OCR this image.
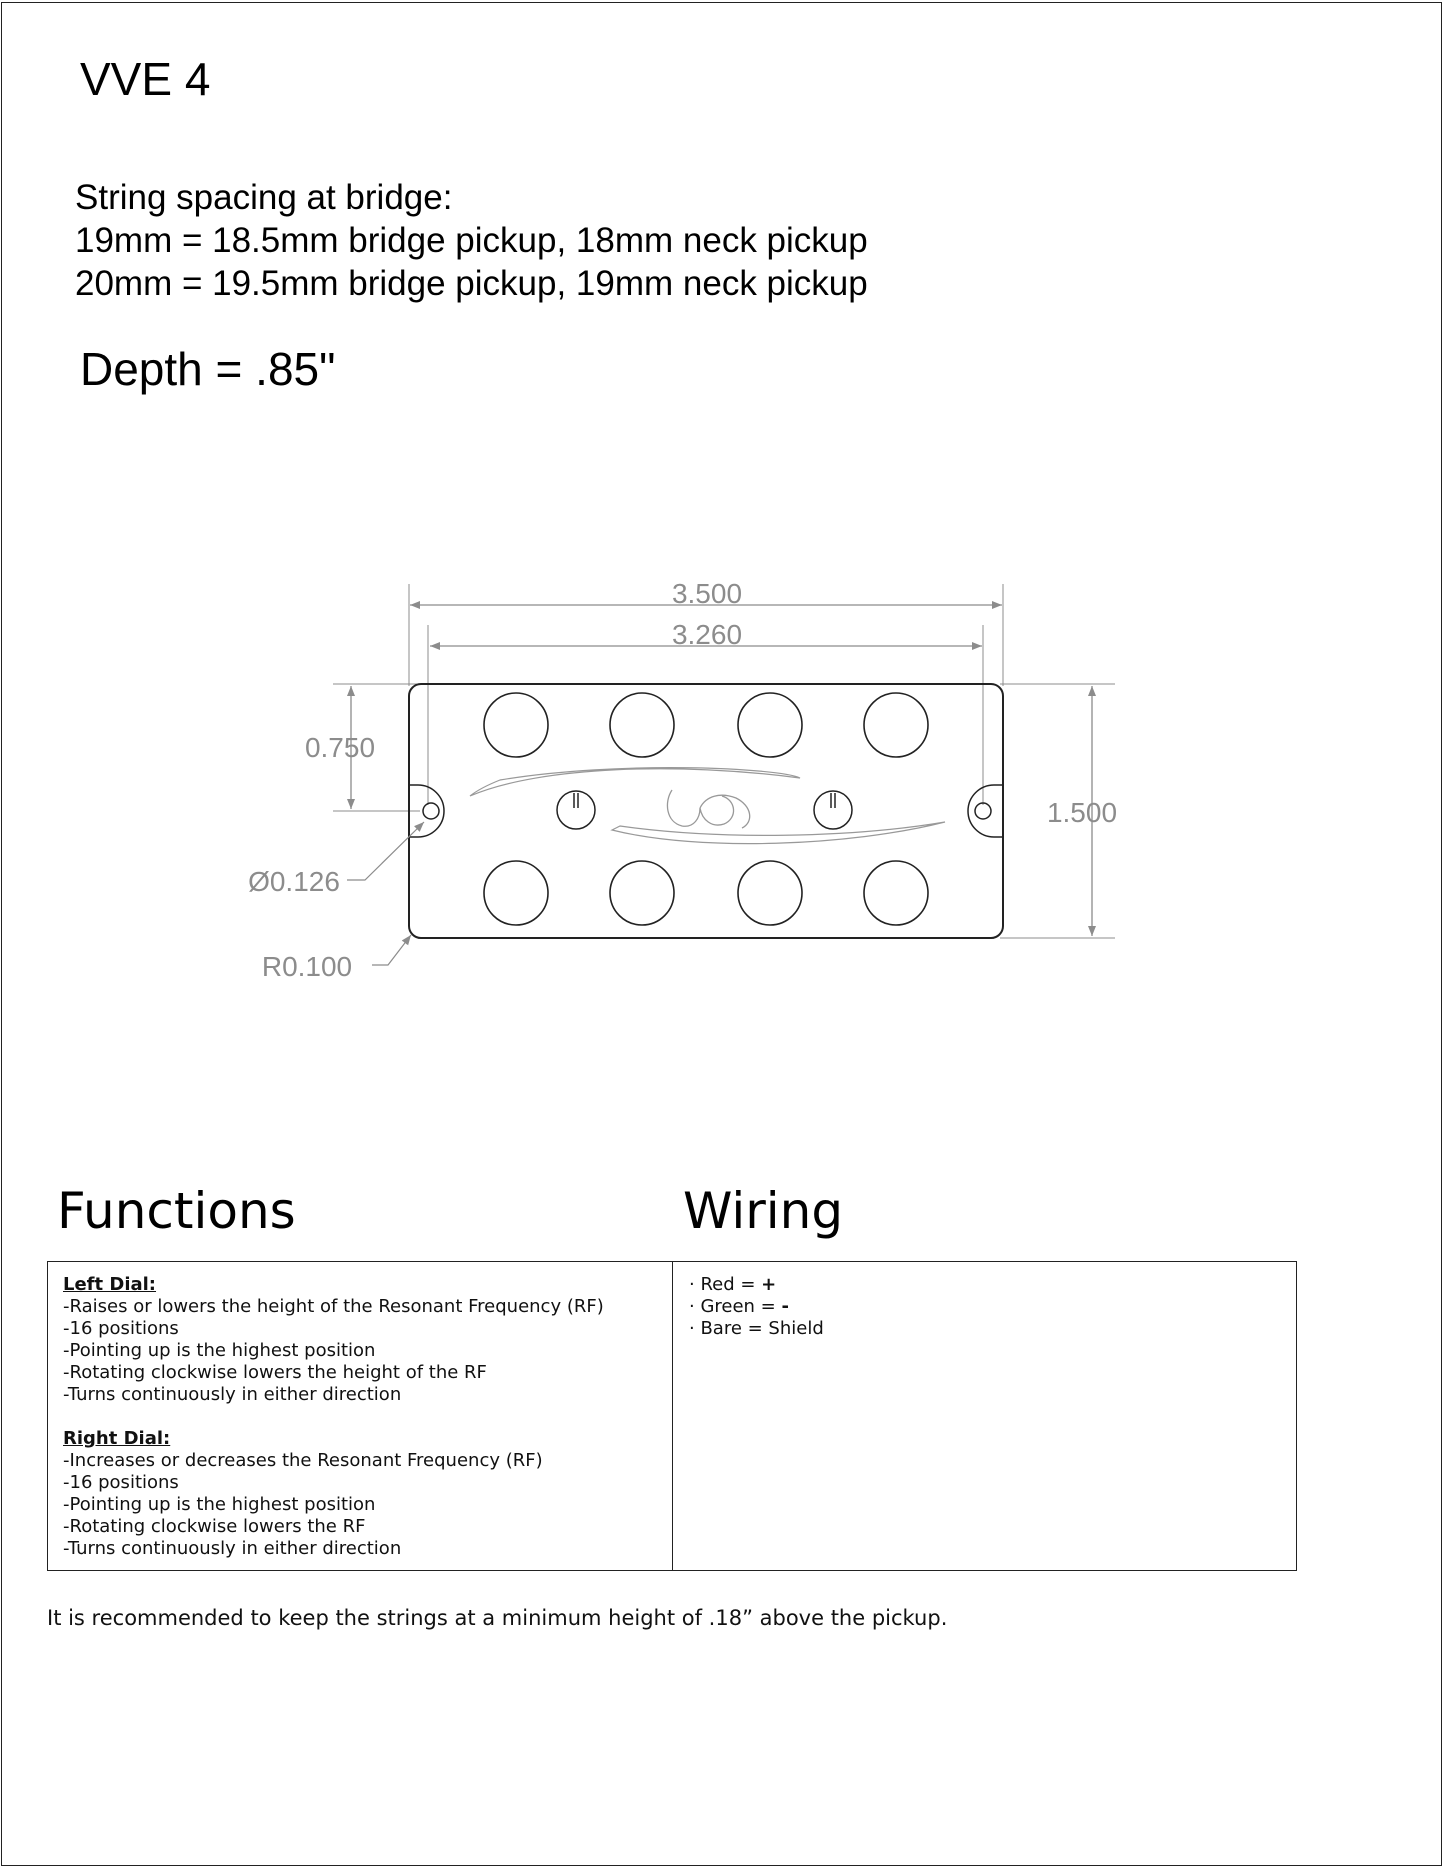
VVE 4
String spacing at bridge:
19mm = 18.5mm bridge pickup, 18mm neck pickup
20mm = 19.5mm bridge pickup, 19mm neck pickup
Depth = .85"
3.500
3.260
0.750
1.500
Ø0.126
R0.100
Functions	Wiring
Left Dial:
-Raises or lowers the height of the Resonant Frequency (RF)
-16 positions
-Pointing up is the highest position
-Rotating clockwise lowers the height of the RF
-Turns continuously in either direction
Right Dial:
-Increases or decreases the Resonant Frequency (RF)
-16 positions
-Pointing up is the highest position
-Rotating clockwise lowers the RF
-Turns continuously in either direction
· Red = +
· Green = -
· Bare = Shield
It is recommended to keep the strings at a minimum height of .18” above the pickup.
